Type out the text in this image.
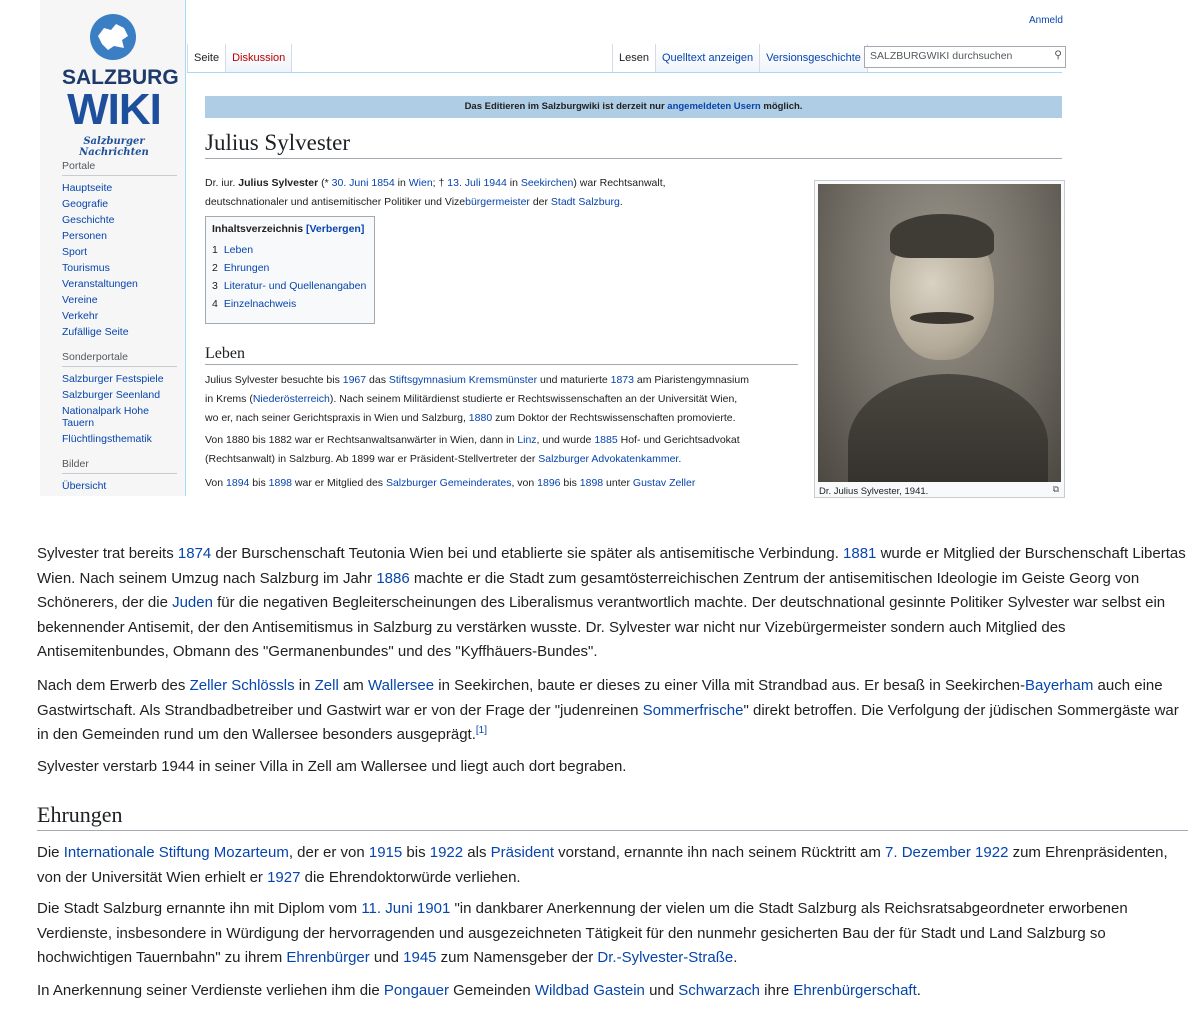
SALZBURG
WIKI
Salzburger Nachrichten
Portale
Hauptseite
Geografie
Geschichte
Personen
Sport
Tourismus
Veranstaltungen
Vereine
Verkehr
Zufällige Seite
Sonderportale
Salzburger Festspiele
Salzburger Seenland
Nationalpark Hohe Tauern
Flüchtlingsthematik
Bilder
Übersicht
Anmeld
Seite	Diskussion	Lesen	Quelltext anzeigen	Versionsgeschichte SALZBURGWIKI durchsuchen	⚲
Das Editieren im Salzburgwiki ist derzeit nur angemeldeten Usern möglich.
Julius Sylvester
Dr. iur. Julius Sylvester (* 30. Juni 1854 in Wien; † 13. Juli 1944 in Seekirchen) war Rechtsanwalt,
deutschnationaler und antisemitischer Politiker und Vizebürgermeister der Stadt Salzburg.
Inhaltsverzeichnis [Verbergen]
1 Leben
2 Ehrungen
3 Literatur- und Quellenangaben
4 Einzelnachweis
Leben
Julius Sylvester besuchte bis 1967 das Stiftsgymnasium Kremsmünster und maturierte 1873 am Piaristengymnasium
in Krems (Niederösterreich). Nach seinem Militärdienst studierte er Rechtswissenschaften an der Universität Wien,
wo er, nach seiner Gerichtspraxis in Wien und Salzburg, 1880 zum Doktor der Rechtswissenschaften promovierte.
Von 1880 bis 1882 war er Rechtsanwaltsanwärter in Wien, dann in Linz, und wurde 1885 Hof- und Gerichtsadvokat
(Rechtsanwalt) in Salzburg. Ab 1899 war er Präsident-Stellvertreter der Salzburger Advokatenkammer.
Von 1894 bis 1898 war er Mitglied des Salzburger Gemeinderates, von 1896 bis 1898 unter Gustav Zeller
Dr. Julius Sylvester, 1941.	⧉

Sylvester trat bereits 1874 der Burschenschaft Teutonia Wien bei und etablierte sie später als antisemitische Verbindung. 1881 wurde er Mitglied der Burschenschaft Libertas Wien. Nach seinem Umzug nach Salzburg im Jahr 1886 machte er die Stadt zum gesamtösterreichischen Zentrum der antisemitischen Ideologie im Geiste Georg von Schönerers, der die Juden für die negativen Begleiterscheinungen des Liberalismus verantwortlich machte. Der deutschnational gesinnte Politiker Sylvester war selbst ein bekennender Antisemit, der den Antisemitismus in Salzburg zu verstärken wusste. Dr. Sylvester war nicht nur Vizebürgermeister sondern auch Mitglied des Antisemitenbundes, Obmann des "Germanenbundes" und des "Kyffhäuers-Bundes".

Nach dem Erwerb des Zeller Schlössls in Zell am Wallersee in Seekirchen, baute er dieses zu einer Villa mit Strandbad aus. Er besaß in Seekirchen-Bayerham auch eine Gastwirtschaft. Als Strandbadbetreiber und Gastwirt war er von der Frage der "judenreinen Sommerfrische" direkt betroffen. Die Verfolgung der jüdischen Sommergäste war in den Gemeinden rund um den Wallersee besonders ausgeprägt.[1]

Sylvester verstarb 1944 in seiner Villa in Zell am Wallersee und liegt auch dort begraben.

Ehrungen

Die Internationale Stiftung Mozarteum, der er von 1915 bis 1922 als Präsident vorstand, ernannte ihn nach seinem Rücktritt am 7. Dezember 1922 zum Ehrenpräsidenten, von der Universität Wien erhielt er 1927 die Ehrendoktorwürde verliehen.

Die Stadt Salzburg ernannte ihn mit Diplom vom 11. Juni 1901 "in dankbarer Anerkennung der vielen um die Stadt Salzburg als Reichsratsabgeordneter erworbenen Verdienste, insbesondere in Würdigung der hervorragenden und ausgezeichneten Tätigkeit für den nunmehr gesicherten Bau der für Stadt und Land Salzburg so hochwichtigen Tauernbahn" zu ihrem Ehrenbürger und 1945 zum Namensgeber der Dr.-Sylvester-Straße.

In Anerkennung seiner Verdienste verliehen ihm die Pongauer Gemeinden Wildbad Gastein und Schwarzach ihre Ehrenbürgerschaft.
